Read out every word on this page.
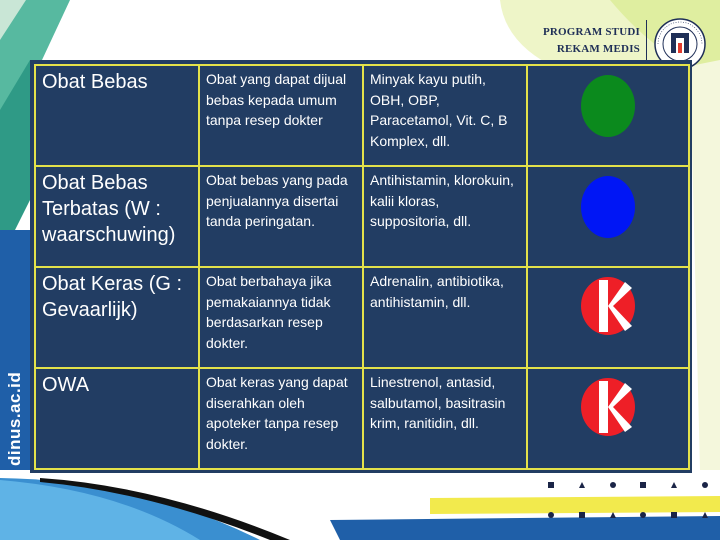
PROGRAM STUDI
REKAM MEDIS
dinus.ac.id
Obat Bebas	Obat yang dapat dijual bebas kepada umum tanpa resep dokter	Minyak kayu putih, OBH, OBP, Paracetamol, Vit. C, B Komplex, dll.	

Obat Bebas Terbatas (W : waarschuwing)	Obat bebas yang pada penjualannya disertai tanda peringatan.	Antihistamin, klorokuin, kalii kloras, suppositoria, dll.	

Obat Keras (G : Gevaarlijk)	Obat berbahaya jika pemakaiannya tidak berdasarkan resep dokter.	Adrenalin, antibiotika, antihistamin, dll.	

OWA	Obat keras yang dapat diserahkan oleh apoteker tanpa resep dokter.	Linestrenol, antasid, salbutamol, basitrasin krim, ranitidin, dll.	
